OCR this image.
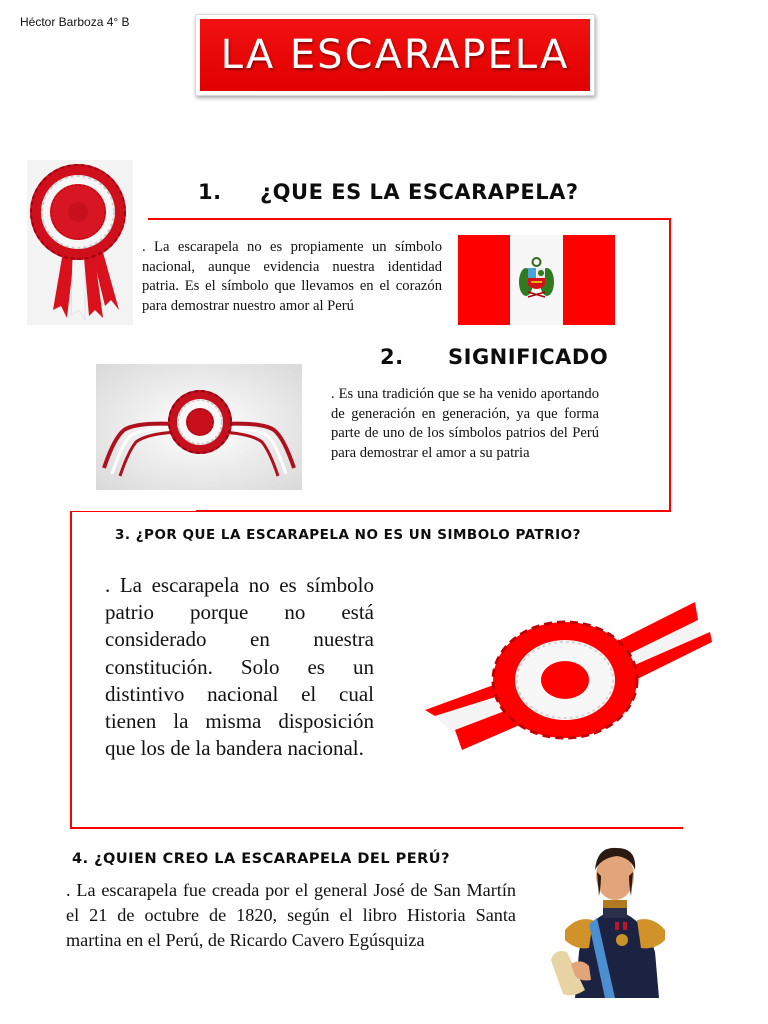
Héctor Barboza 4° B
LA ESCARAPELA
1. ¿QUE ES LA ESCARAPELA?
. La escarapela no es propiamente un símbolo nacional, aunque evidencia nuestra identidad patria. Es el símbolo que llevamos en el corazón para demostrar nuestro amor al Perú
2. SIGNIFICADO
. Es una tradición que se ha venido aportando de generación en generación, ya que forma parte de uno de los símbolos patrios del Perú para demostrar el amor a su patria
3. ¿POR QUE LA ESCARAPELA NO ES UN SIMBOLO PATRIO?
. La escarapela no es símbolo patrio porque no está considerado en nuestra constitución. Solo es un distintivo nacional el cual tienen la misma disposición que los de la bandera nacional.
4. ¿QUIEN CREO LA ESCARAPELA DEL PERÚ?
. La escarapela fue creada por el general José de San Martín el 21 de octubre de 1820, según el libro Historia Santa martina en el Perú, de Ricardo Cavero Egúsquiza
